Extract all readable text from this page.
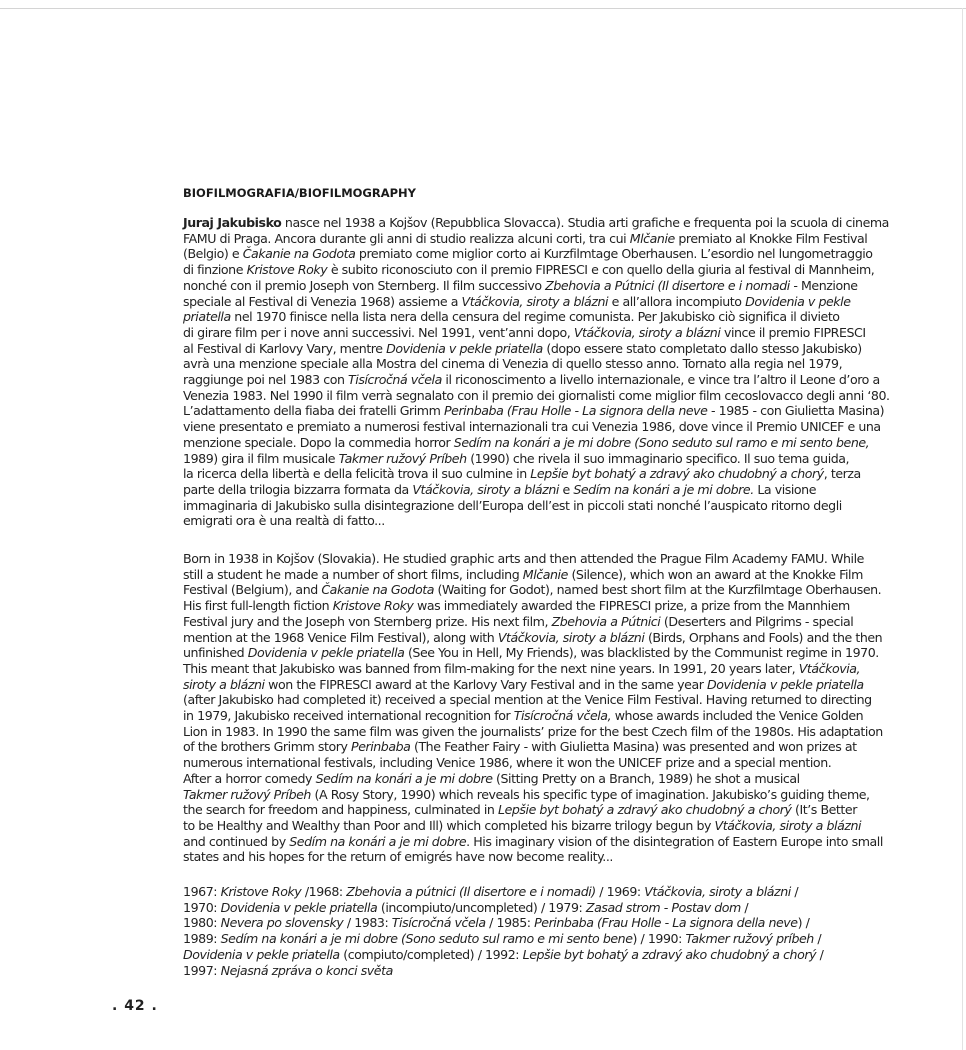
BIOFILMOGRAFIA/BIOFILMOGRAPHY
Juraj Jakubisko nasce nel 1938 a Kojšov (Repubblica Slovacca). Studia arti grafiche e frequenta poi la scuola di cinema
FAMU di Praga. Ancora durante gli anni di studio realizza alcuni corti, tra cui Mlčanie premiato al Knokke Film Festival
(Belgio) e Čakanie na Godota premiato come miglior corto ai Kurzfilmtage Oberhausen. L’esordio nel lungometraggio
di finzione Kristove Roky è subito riconosciuto con il premio FIPRESCI e con quello della giuria al festival di Mannheim,
nonché con il premio Joseph von Sternberg. Il film successivo Zbehovia a Pútnici (Il disertore e i nomadi - Menzione
speciale al Festival di Venezia 1968) assieme a Vtáčkovia, siroty a blázni e all’allora incompiuto Dovidenia v pekle
priatella nel 1970 finisce nella lista nera della censura del regime comunista. Per Jakubisko ciò significa il divieto
di girare film per i nove anni successivi. Nel 1991, vent’anni dopo, Vtáčkovia, siroty a blázni vince il premio FIPRESCI
al Festival di Karlovy Vary, mentre Dovidenia v pekle priatella (dopo essere stato completato dallo stesso Jakubisko)
avrà una menzione speciale alla Mostra del cinema di Venezia di quello stesso anno. Tornato alla regia nel 1979,
raggiunge poi nel 1983 con Tisícročná včela il riconoscimento a livello internazionale, e vince tra l’altro il Leone d’oro a
Venezia 1983. Nel 1990 il film verrà segnalato con il premio dei giornalisti come miglior film cecoslovacco degli anni ‘80.
L’adattamento della fiaba dei fratelli Grimm Perinbaba (Frau Holle - La signora della neve - 1985 - con Giulietta Masina)
viene presentato e premiato a numerosi festival internazionali tra cui Venezia 1986, dove vince il Premio UNICEF e una
menzione speciale. Dopo la commedia horror Sedím na konári a je mi dobre (Sono seduto sul ramo e mi sento bene,
1989) gira il film musicale Takmer ružový Príbeh (1990) che rivela il suo immaginario specifico. Il suo tema guida,
la ricerca della libertà e della felicità trova il suo culmine in Lepšie byt bohatý a zdravý ako chudobný a chorý, terza
parte della trilogia bizzarra formata da Vtáčkovia, siroty a blázni e Sedím na konári a je mi dobre. La visione
immaginaria di Jakubisko sulla disintegrazione dell’Europa dell’est in piccoli stati nonché l’auspicato ritorno degli
emigrati ora è una realtà di fatto...
Born in 1938 in Kojšov (Slovakia). He studied graphic arts and then attended the Prague Film Academy FAMU. While
still a student he made a number of short films, including Mlčanie (Silence), which won an award at the Knokke Film
Festival (Belgium), and Čakanie na Godota (Waiting for Godot), named best short film at the Kurzfilmtage Oberhausen.
His first full-length fiction Kristove Roky was immediately awarded the FIPRESCI prize, a prize from the Mannhiem
Festival jury and the Joseph von Sternberg prize. His next film, Zbehovia a Pútnici (Deserters and Pilgrims - special
mention at the 1968 Venice Film Festival), along with Vtáčkovia, siroty a blázni (Birds, Orphans and Fools) and the then
unfinished Dovidenia v pekle priatella (See You in Hell, My Friends), was blacklisted by the Communist regime in 1970.
This meant that Jakubisko was banned from film-making for the next nine years. In 1991, 20 years later, Vtáčkovia,
siroty a blázni won the FIPRESCI award at the Karlovy Vary Festival and in the same year Dovidenia v pekle priatella
(after Jakubisko had completed it) received a special mention at the Venice Film Festival. Having returned to directing
in 1979, Jakubisko received international recognition for Tisícročná včela, whose awards included the Venice Golden
Lion in 1983. In 1990 the same film was given the journalists’ prize for the best Czech film of the 1980s. His adaptation
of the brothers Grimm story Perinbaba (The Feather Fairy - with Giulietta Masina) was presented and won prizes at
numerous international festivals, including Venice 1986, where it won the UNICEF prize and a special mention.
After a horror comedy Sedím na konári a je mi dobre (Sitting Pretty on a Branch, 1989) he shot a musical
Takmer ružový Príbeh (A Rosy Story, 1990) which reveals his specific type of imagination. Jakubisko’s guiding theme,
the search for freedom and happiness, culminated in Lepšie byt bohatý a zdravý ako chudobný a chorý (It’s Better
to be Healthy and Wealthy than Poor and Ill) which completed his bizarre trilogy begun by Vtáčkovia, siroty a blázni
and continued by Sedím na konári a je mi dobre. His imaginary vision of the disintegration of Eastern Europe into small
states and his hopes for the return of emigrés have now become reality...
1967: Kristove Roky /1968: Zbehovia a pútnici (Il disertore e i nomadi) / 1969: Vtáčkovia, siroty a blázni /
1970: Dovidenia v pekle priatella (incompiuto/uncompleted) / 1979: Zasad strom - Postav dom /
1980: Nevera po slovensky / 1983: Tisícročná včela / 1985: Perinbaba (Frau Holle - La signora della neve) /
1989: Sedím na konári a je mi dobre (Sono seduto sul ramo e mi sento bene) / 1990: Takmer ružový príbeh /
Dovidenia v pekle priatella (compiuto/completed) / 1992: Lepšie byt bohatý a zdravý ako chudobný a chorý /
1997: Nejasná zpráva o konci světa
. 42 .
